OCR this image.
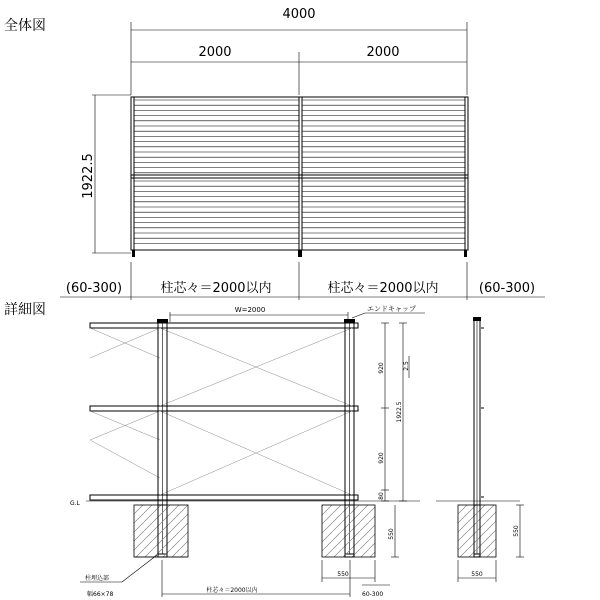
全体図
4000
2000	2000
1922.5
(60-300)	柱芯々＝2000以内	柱芯々＝2000以内	(60-300)
詳細図	W=2000	エンドキャップ
G.L
920
920
80
1922.5
2.5
550
550
柱埋込部
幅66×78
柱芯々＝2000以内
60-300
550
550
